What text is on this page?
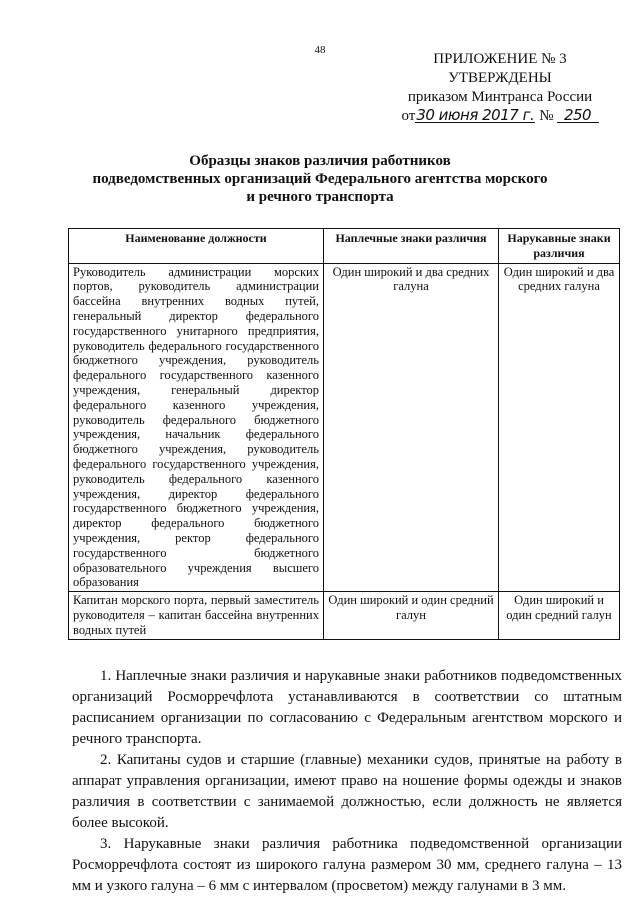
48
ПРИЛОЖЕНИЕ № 3
УТВЕРЖДЕНЫ
приказом Минтранса России
от 30 июня 2017 г. № 250
Образцы знаков различия работников
подведомственных организаций Федерального агентства морского
и речного транспорта
Наименование должности	Наплечные знаки различия	Нарукавные знаки различия
Руководитель администрации морских портов, руководитель администрации бассейна внутренних водных путей, генеральный директор федерального государственного унитарного предприятия, руководитель федерального государственного бюджетного учреждения, руководитель федерального государственного казенного учреждения, генеральный директор федерального казенного учреждения, руководитель федерального бюджетного учреждения, начальник федерального бюджетного учреждения, руководитель федерального государственного учреждения, руководитель федерального казенного учреждения, директор федерального государственного бюджетного учреждения, директор федерального бюджетного учреждения, ректор федерального государственного бюджетного образовательного учреждения высшего образования	Один широкий и два средних галуна	Один широкий и два средних галуна
Капитан морского порта, первый заместитель руководителя – капитан бассейна внутренних водных путей	Один широкий и один средний галун	Один широкий и один средний галун

1. Наплечные знаки различия и нарукавные знаки работников подведомственных организаций Росморречфлота устанавливаются в соответствии со штатным расписанием организации по согласованию с Федеральным агентством морского и речного транспорта.

2. Капитаны судов и старшие (главные) механики судов, принятые на работу в аппарат управления организации, имеют право на ношение формы одежды и знаков различия в соответствии с занимаемой должностью, если должность не является более высокой.

3. Нарукавные знаки различия работника подведомственной организации Росморречфлота состоят из широкого галуна размером 30 мм, среднего галуна – 13 мм и узкого галуна – 6 мм с интервалом (просветом) между галунами в 3 мм.
